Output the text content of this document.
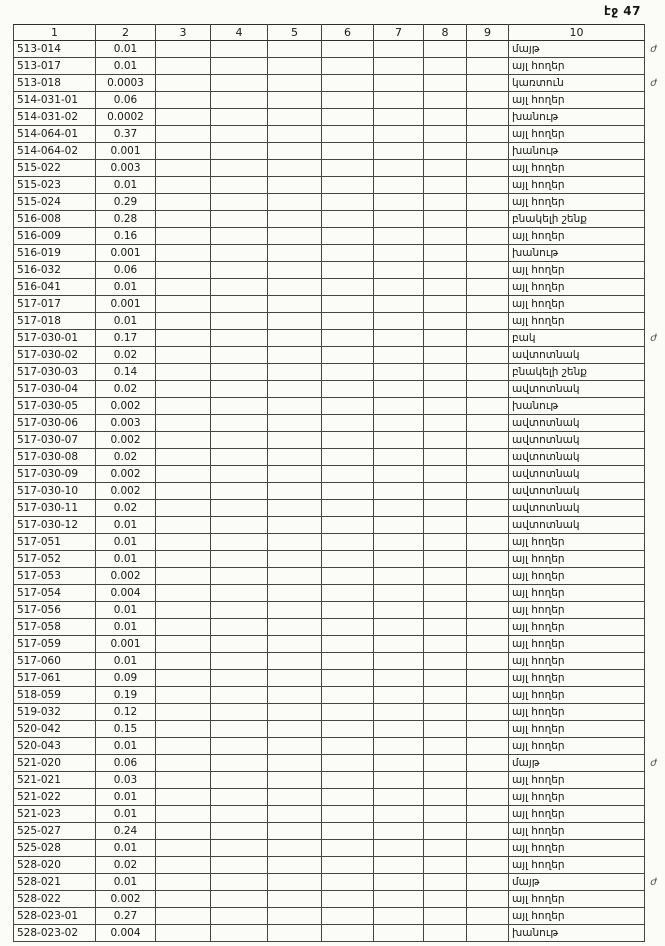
էջ 47
1	2	3	4	5	6	7	8	9	10	
513-014	0.01								մայթ	ժ
513-017	0.01								այլ հողեր	
513-018	0.0003								կառտուն	ժ
514-031-01	0.06								այլ հողեր	
514-031-02	0.0002								խանութ	
514-064-01	0.37								այլ հողեր	
514-064-02	0.001								խանութ	
515-022	0.003								այլ հողեր	
515-023	0.01								այլ հողեր	
515-024	0.29								այլ հողեր	
516-008	0.28								բնակելի շենք	
516-009	0.16								այլ հողեր	
516-019	0.001								խանութ	
516-032	0.06								այլ հողեր	
516-041	0.01								այլ հողեր	
517-017	0.001								այլ հողեր	
517-018	0.01								այլ հողեր	
517-030-01	0.17								բակ	ժ
517-030-02	0.02								ավտոտնակ	
517-030-03	0.14								բնակելի շենք	
517-030-04	0.02								ավտոտնակ	
517-030-05	0.002								խանութ	
517-030-06	0.003								ավտոտնակ	
517-030-07	0.002								ավտոտնակ	
517-030-08	0.02								ավտոտնակ	
517-030-09	0.002								ավտոտնակ	
517-030-10	0.002								ավտոտնակ	
517-030-11	0.02								ավտոտնակ	
517-030-12	0.01								ավտոտնակ	
517-051	0.01								այլ հողեր	
517-052	0.01								այլ հողեր	
517-053	0.002								այլ հողեր	
517-054	0.004								այլ հողեր	
517-056	0.01								այլ հողեր	
517-058	0.01								այլ հողեր	
517-059	0.001								այլ հողեր	
517-060	0.01								այլ հողեր	
517-061	0.09								այլ հողեր	
518-059	0.19								այլ հողեր	
519-032	0.12								այլ հողեր	
520-042	0.15								այլ հողեր	
520-043	0.01								այլ հողեր	
521-020	0.06								մայթ	ժ
521-021	0.03								այլ հողեր	
521-022	0.01								այլ հողեր	
521-023	0.01								այլ հողեր	
525-027	0.24								այլ հողեր	
525-028	0.01								այլ հողեր	
528-020	0.02								այլ հողեր	
528-021	0.01								մայթ	ժ
528-022	0.002								այլ հողեր	
528-023-01	0.27								այլ հողեր	
528-023-02	0.004								խանութ	
